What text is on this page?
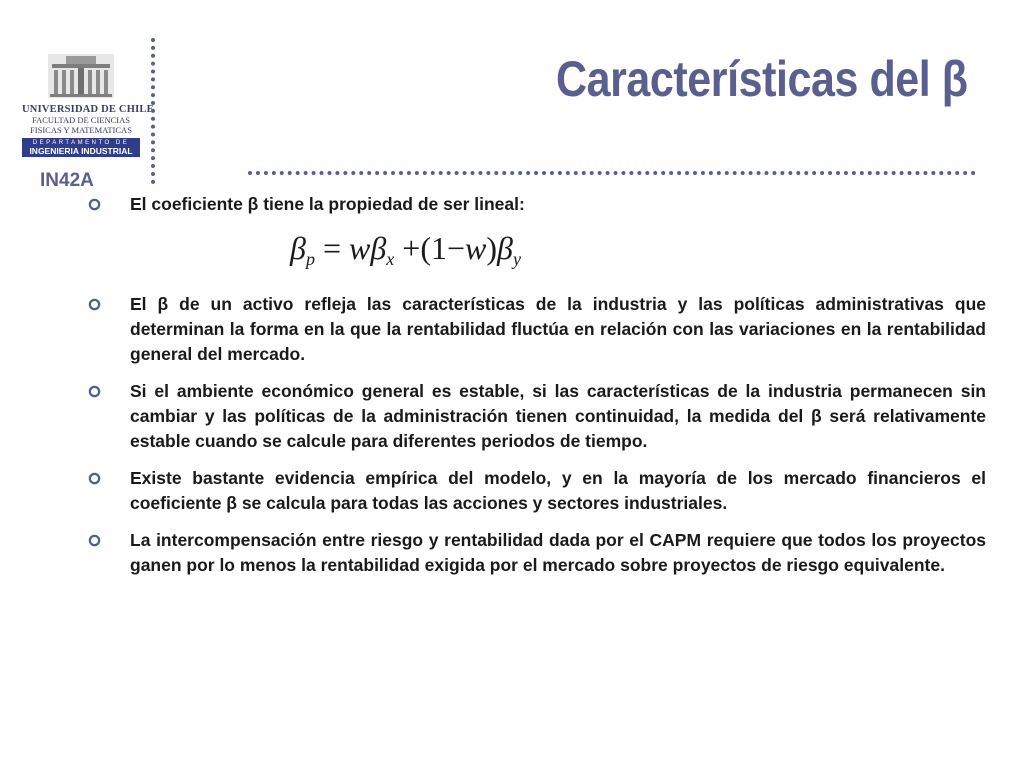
UNIVERSIDAD DE CHILE
FACULTAD DE CIENCIAS
FISICAS Y MATEMATICAS
DEPARTAMENTO DE
INGENIERIA INDUSTRIAL
IN42A
Características del β
El coeficiente β tiene la propiedad de ser lineal:
$\beta_p = w\beta_x +(1-w)\beta_y$
El β de un activo refleja las características de la industria y las políticas administrativas que determinan la forma en la que la rentabilidad fluctúa en relación con las variaciones en la rentabilidad general del mercado.
Si el ambiente económico general es estable, si las características de la industria permanecen sin cambiar y las políticas de la administración tienen continuidad, la medida del β será relativamente estable cuando se calcule para diferentes periodos de tiempo.
Existe bastante evidencia empírica del modelo, y en la mayoría de los mercado financieros el coeficiente β se calcula para todas las acciones y sectores industriales.
La intercompensación entre riesgo y rentabilidad dada por el CAPM requiere que todos los proyectos ganen por lo menos la rentabilidad exigida por el mercado sobre proyectos de riesgo equivalente.
